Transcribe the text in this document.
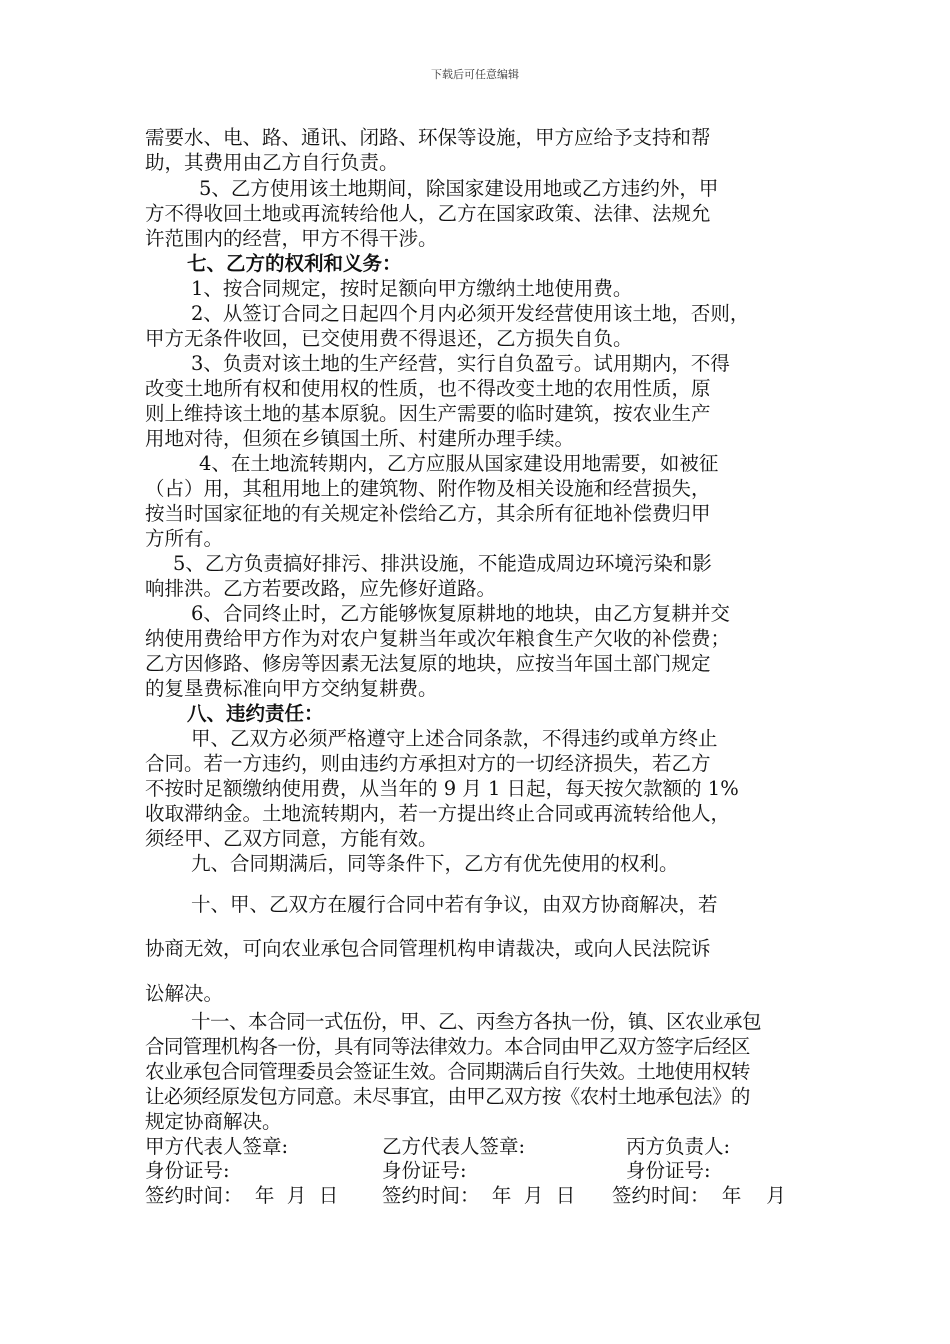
下载后可任意编辑
需要水、电、路、通讯、闭路、环保等设施，甲方应给予支持和帮
助，其费用由乙方自行负责。
5、乙方使用该土地期间，除国家建设用地或乙方违约外，甲
方不得收回土地或再流转给他人，乙方在国家政策、法律、法规允
许范围内的经营，甲方不得干涉。
七、乙方的权利和义务：
1、按合同规定，按时足额向甲方缴纳土地使用费。
2、从签订合同之日起四个月内必须开发经营使用该土地，否则，
甲方无条件收回，已交使用费不得退还，乙方损失自负。
3、负责对该土地的生产经营，实行自负盈亏。试用期内，不得
改变土地所有权和使用权的性质，也不得改变土地的农用性质，原
则上维持该土地的基本原貌。因生产需要的临时建筑，按农业生产
用地对待，但须在乡镇国土所、村建所办理手续。
4、在土地流转期内，乙方应服从国家建设用地需要，如被征
（占）用，其租用地上的建筑物、附作物及相关设施和经营损失，
按当时国家征地的有关规定补偿给乙方，其余所有征地补偿费归甲
方所有。
5、乙方负责搞好排污、排洪设施，不能造成周边环境污染和影
响排洪。乙方若要改路，应先修好道路。
6、合同终止时，乙方能够恢复原耕地的地块，由乙方复耕并交
纳使用费给甲方作为对农户复耕当年或次年粮食生产欠收的补偿费；
乙方因修路、修房等因素无法复原的地块，应按当年国土部门规定
的复垦费标准向甲方交纳复耕费。
八、违约责任：
甲、乙双方必须严格遵守上述合同条款，不得违约或单方终止
合同。若一方违约，则由违约方承担对方的一切经济损失，若乙方
不按时足额缴纳使用费，从当年的 9 月 1 日起，每天按欠款额的 1%
收取滞纳金。土地流转期内，若一方提出终止合同或再流转给他人，
须经甲、乙双方同意，方能有效。
九、合同期满后，同等条件下，乙方有优先使用的权利。
十、甲、乙双方在履行合同中若有争议，由双方协商解决，若
协商无效，可向农业承包合同管理机构申请裁决，或向人民法院诉
讼解决。
十一、本合同一式伍份，甲、乙、丙叁方各执一份，镇、区农业承包
合同管理机构各一份，具有同等法律效力。本合同由甲乙双方签字后经区
农业承包合同管理委员会签证生效。合同期满后自行失效。土地使用权转
让必须经原发包方同意。未尽事宜，由甲乙双方按《农村土地承包法》的
规定协商解决。
甲方代表人签章:	乙方代表人签章:	丙方负责人:
身份证号:	身份证号:	身份证号:
签约时间：  年  月  日 签约时间：  年  月  日 签约时间：  年    月
